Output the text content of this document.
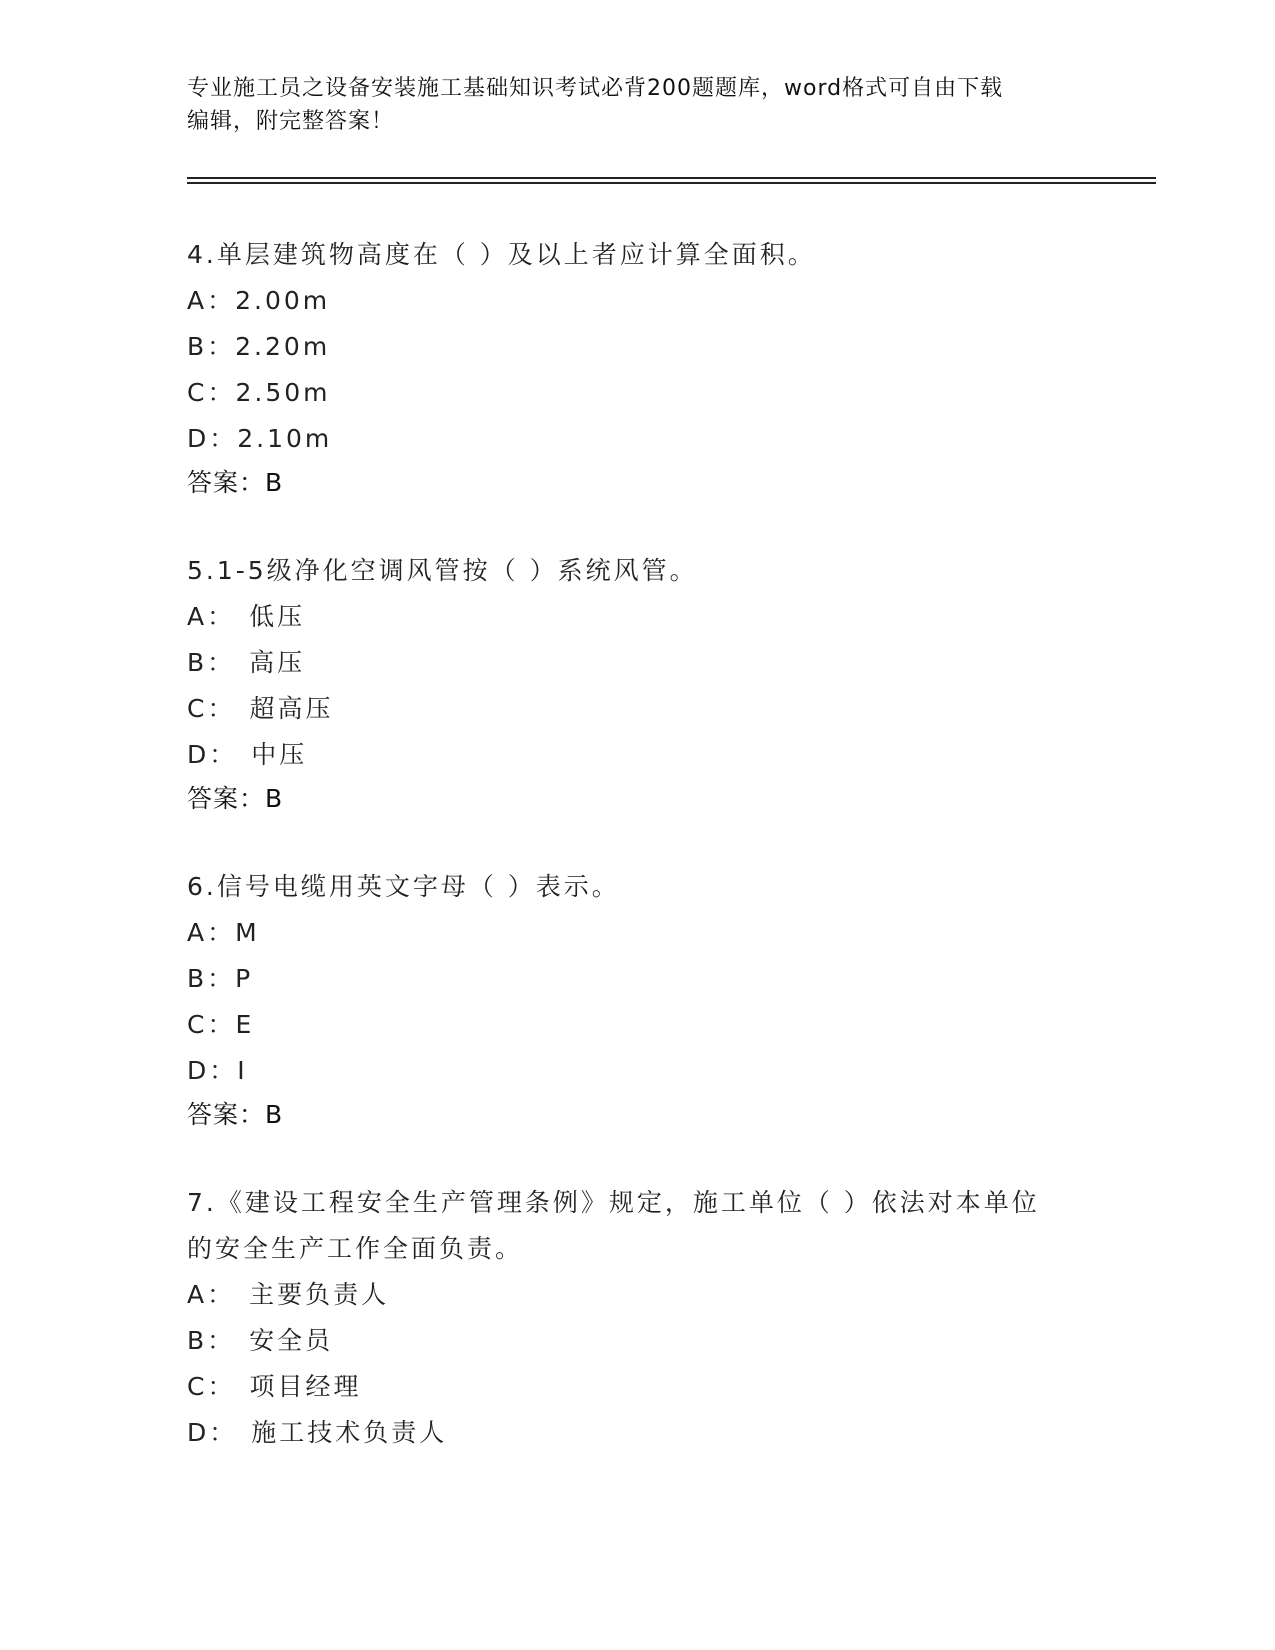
专业施工员之设备安装施工基础知识考试必背200题题库，word格式可自由下载
编辑，附完整答案！

4.单层建筑物高度在（ ）及以上者应计算全面积。

A：2.00m

B：2.20m

C：2.50m

D：2.10m

答案：B

5.1-5级净化空调风管按（ ）系统风管。

A： 低压

B： 高压

C： 超高压

D： 中压

答案：B

6.信号电缆用英文字母（ ）表示。

A：M

B：P

C：E

D：I

答案：B

7.《建设工程安全生产管理条例》规定，施工单位（ ）依法对本单位

的安全生产工作全面负责。

A： 主要负责人

B： 安全员

C： 项目经理

D： 施工技术负责人
